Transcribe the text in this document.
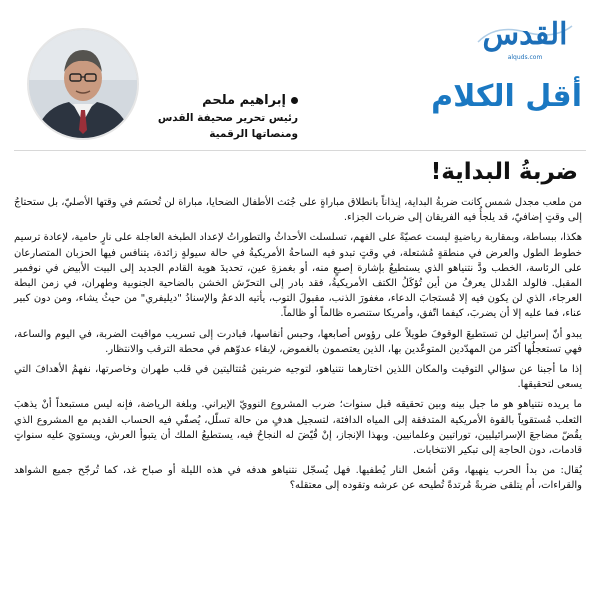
القدس
alquds.com
أقل الكلام
إبراهيم ملحم
رئيس تحرير صحيفة القدس
ومنصاتها الرقمية
ضربةُ البداية!

من ملعب مجدل شمس كانت ضربةُ البداية، إيذاناً بانطلاق مباراةٍ على جُثث الأطفال الضحايا، مباراة لن تُحسَم في وقتها الأصليّ، بل ستحتاجُ إلى وقتٍ إضافيّ، قد يلجأُ فيه الفريقان إلى ضربات الجزاء.

هكذا، ببساطة، وبمقاربة رياضيةٍ ليست عصيّةً على الفهم، تسلسلت الأحداثُ والتطوراتُ لإعداد الطبخة العاجلة على نارٍ حامية، لإعادة ترسيم خطوط الطول والعرض في منطقةٍ مُشتعلة، في وقتٍ تبدو فيه الساحةُ الأمريكيةُ في حالة سيولةٍ زائدة، يتنافس فيها الحزبان المتصارعان على الرئاسة، الخطب ودَّ نتنياهو الذي يستطيعُ بإشارة إصبعٍ منه، أو بغمزةِ عين، تحديدَ هوية القادم الجديد إلى البيت الأبيض في نوفمبر المقبل. فالولد المُدلل يعرفُ من أين تُؤكَلُ الكتف الأمريكيةُ، فقد بادر إلى التحرّش الخشن بالضاحية الجنوبية وطهران، في زمن البطة العرجاء، الذي لن يكون فيه إلا مُستجابَ الدعاء، مغفورَ الذنب، مقبولَ التوب، يأتيه الدعمُ والإسنادُ "ديليفري" من حيثُ يشاء، ومن دون كبير عناء، فما عليه إلا أن يضربَ، كيفما اتّفق، وأمريكا ستنصره ظالماً أو ظالماً.

يبدو أنّ إسرائيل لن تستطيعَ الوقوفَ طويلاً على رؤوس أصابعها، وحبس أنفاسها، فبادرت إلى تسريب مواقيت الضربة، في اليوم والساعة، فهي تستعجلُها أكثر من المهدّدين المتوعّدين بها، الذين يعتصمون بالغموض، لإبقاء عدوّهم في محطة الترقب والانتظار.

إذا ما أجبنا عن سؤالي التوقيت والمكان اللذين اختارهما نتنياهو، لتوجيه ضربتين مُتتاليتين في قلب طهران وخاصرتها، نفهمُ الأهدافَ التي يسعى لتحقيقها.

ما يريده نتنياهو هو ما جيل بينه وبين تحقيقه قبل سنوات؛ ضرب المشروع النوويّ الإيراني. وبلغة الرياضة، فإنه ليس مستبعداً أنْ يذهبَ الثعلب مُستقوياً بالقوة الأمريكية المتدفقة إلى المياه الدافئة، لتسجيل هدفٍ من حالة تسلّل، يُصفّي فيه الحساب القديم مع المشروع الذي يقُضّ مضاجعَ الإسرائيليين، توراتيين وعلمانيين. وبهذا الإنجاز، إنْ قُيّضَ له النجاحُ فيه، يستطيعُ الملك أن يتبوأ العرش، ويستويَ عليه سنواتٍ قادمات، دون الحاجة إلى تبكير الانتخابات.

يُقال: من بدأ الحرب ينهيها، ومَن أشعل النار يُطفيها. فهل يُسجّل نتنياهو هدفه في هذه الليلة أو صباح غد، كما تُرجّح جميع الشواهد والقراءات، أم يتلقى ضربةً مُرتدةً تُطيحه عن عرشه وتقوده إلى معتقله؟
